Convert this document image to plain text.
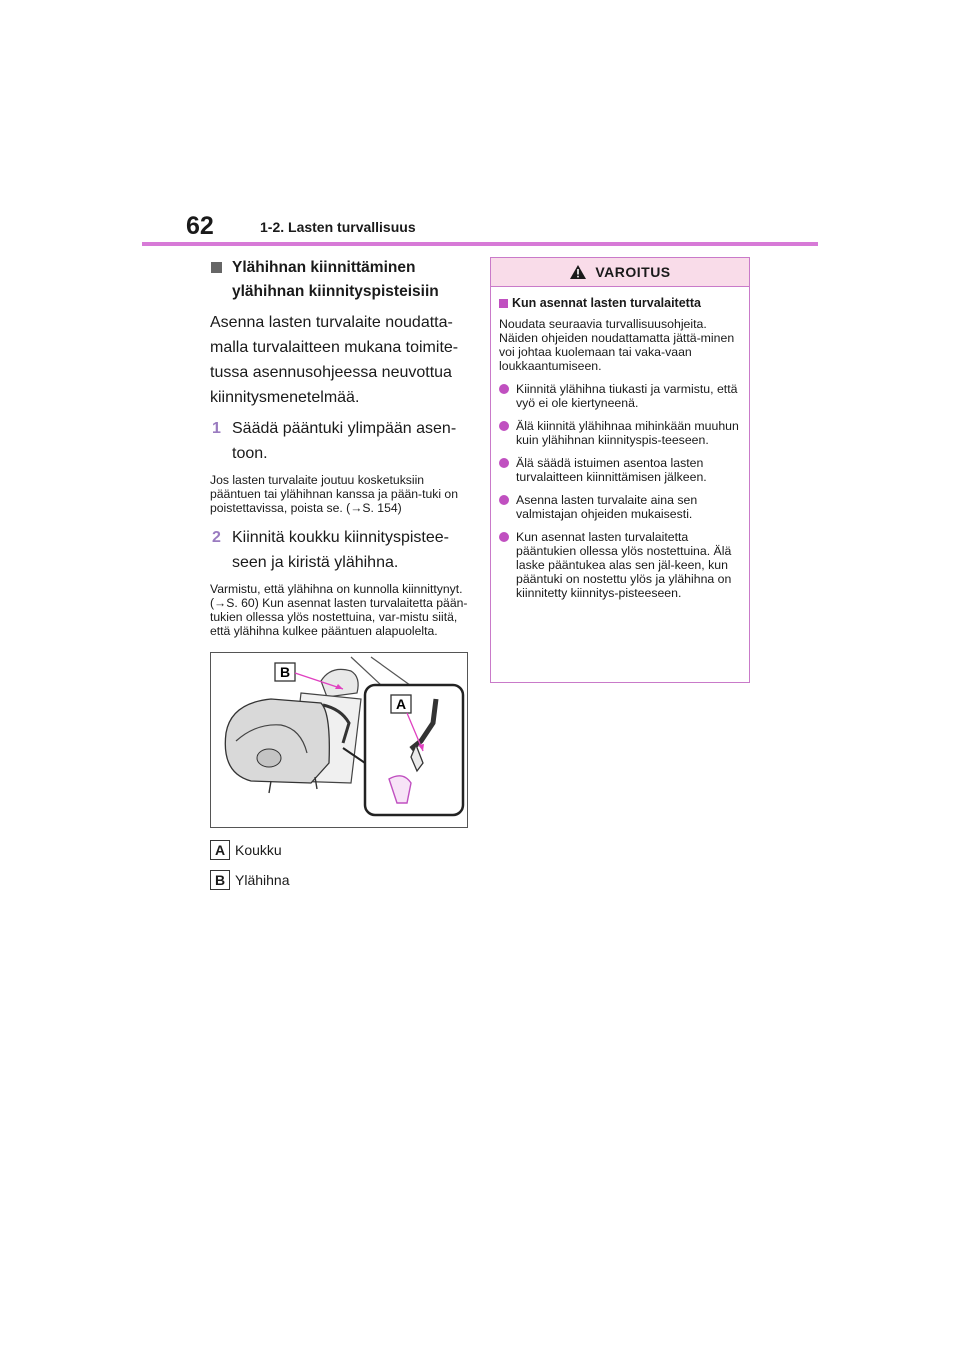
62	1-2. Lasten turvallisuus
Ylähihnan kiinnittäminen ylähihnan kiinnityspisteisiin

Asenna lasten turvalaite noudatta-malla turvalaitteen mukana toimite-tussa asennusohjeessa neuvottua kiinnitysmenetelmää.

1 Säädä pääntuki ylimpään asen-toon.
Jos lasten turvalaite joutuu kosketuksiin pääntuen tai ylähihnan kanssa ja pään-tuki on poistettavissa, poista se. (→S. 154)
2 Kiinnitä koukku kiinnityspistee-seen ja kiristä ylähihna.
Varmistu, että ylähihna on kunnolla kiinnittynyt. (→S. 60) Kun asennat lasten turvalaitetta pään-tukien ollessa ylös nostettuina, var-mistu siitä, että ylähihna kulkee pääntuen alapuolelta.
B
A
A Koukku
B Ylähihna
VAROITUS
Kun asennat lasten turvalaitetta
Noudata seuraavia turvallisuusohjeita. Näiden ohjeiden noudattamatta jättä-minen voi johtaa kuolemaan tai vaka-vaan loukkaantumiseen.
Kiinnitä ylähihna tiukasti ja varmistu, että vyö ei ole kiertyneenä.
Älä kiinnitä ylähihnaa mihinkään muuhun kuin ylähihnan kiinnityspis-teeseen.
Älä säädä istuimen asentoa lasten turvalaitteen kiinnittämisen jälkeen.
Asenna lasten turvalaite aina sen valmistajan ohjeiden mukaisesti.
Kun asennat lasten turvalaitetta pääntukien ollessa ylös nostettuina. Älä laske pääntukea alas sen jäl-keen, kun pääntuki on nostettu ylös ja ylähihna on kiinnitetty kiinnitys-pisteeseen.
